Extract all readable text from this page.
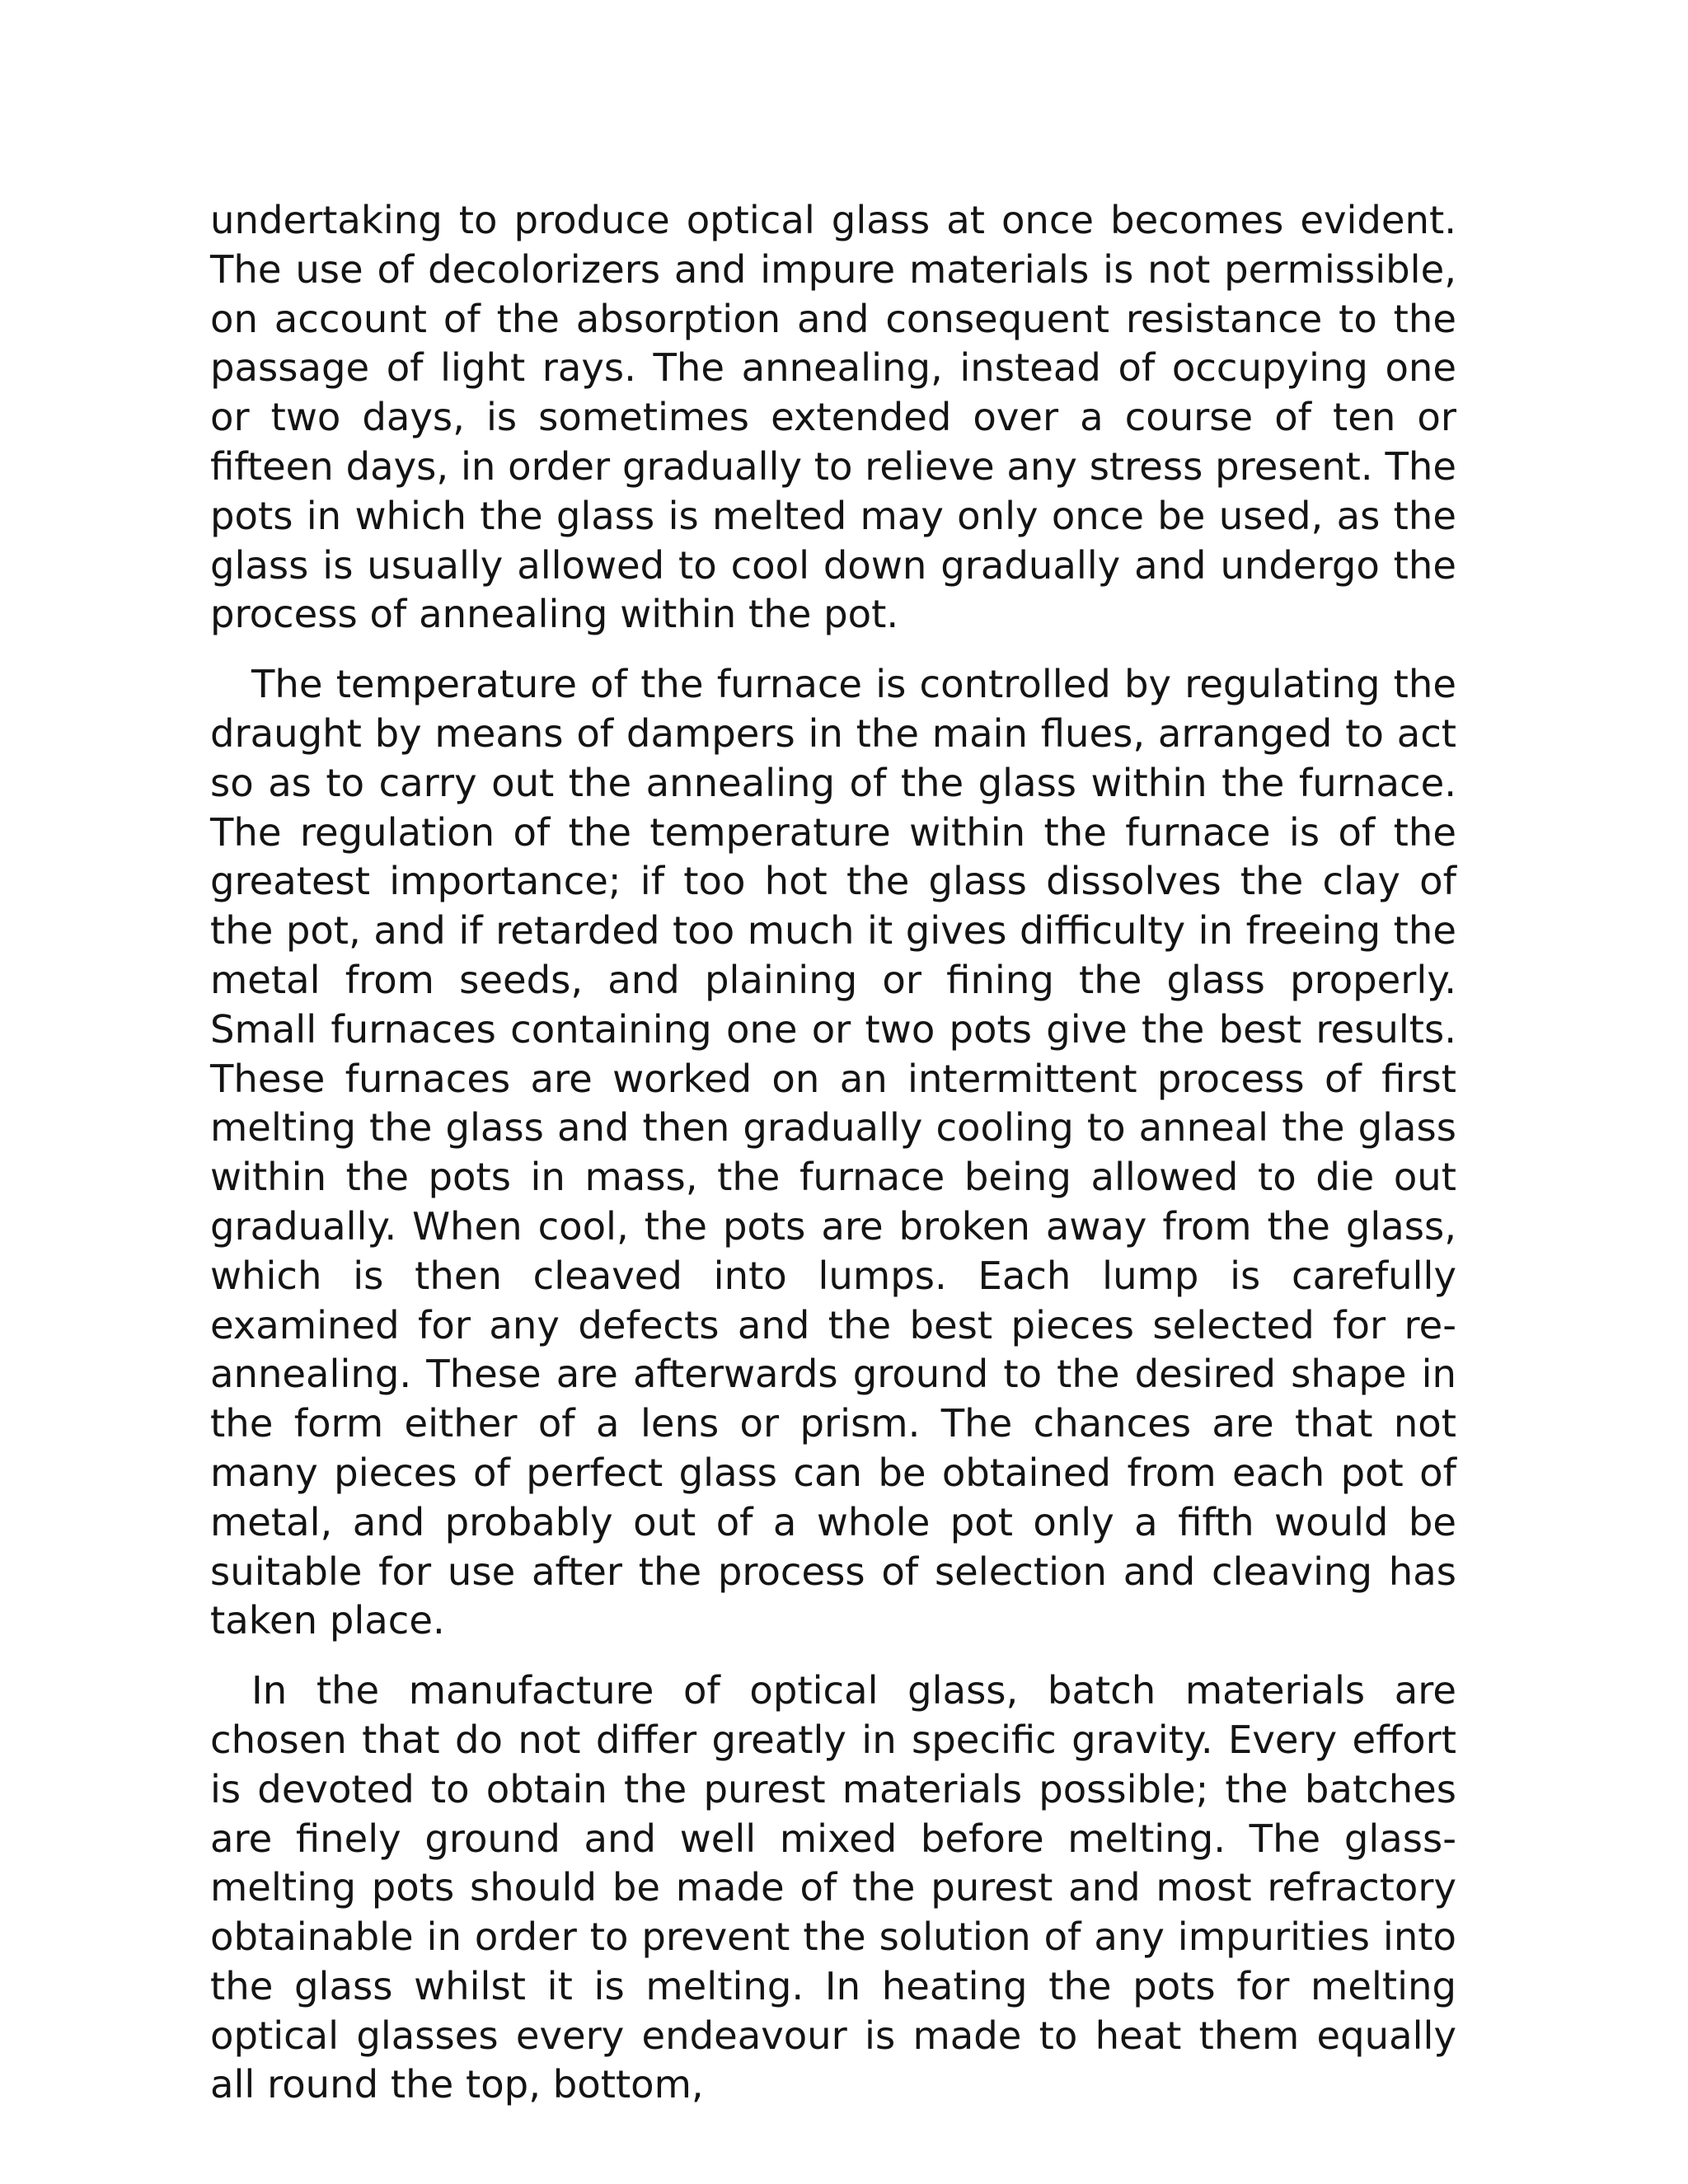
undertaking to produce optical glass at once becomes evident. The use of decolorizers and impure materials is not permissible, on account of the absorption and consequent resistance to the passage of light rays. The annealing, instead of occupying one or two days, is sometimes extended over a course of ten or fifteen days, in order gradually to relieve any stress present. The pots in which the glass is melted may only once be used, as the glass is usually allowed to cool down gradually and undergo the process of annealing within the pot.

The temperature of the furnace is controlled by regulating the draught by means of dampers in the main flues, arranged to act so as to carry out the annealing of the glass within the furnace. The regulation of the temperature within the furnace is of the greatest importance; if too hot the glass dissolves the clay of the pot, and if retarded too much it gives difficulty in freeing the metal from seeds, and plaining or fining the glass properly. Small furnaces containing one or two pots give the best results. These furnaces are worked on an intermittent process of first melting the glass and then gradually cooling to anneal the glass within the pots in mass, the furnace being allowed to die out gradually. When cool, the pots are broken away from the glass, which is then cleaved into lumps. Each lump is carefully examined for any defects and the best pieces selected for re-annealing. These are afterwards ground to the desired shape in the form either of a lens or prism. The chances are that not many pieces of perfect glass can be obtained from each pot of metal, and probably out of a whole pot only a fifth would be suitable for use after the process of selection and cleaving has taken place.

In the manufacture of optical glass, batch materials are chosen that do not differ greatly in specific gravity. Every effort is devoted to obtain the purest materials possible; the batches are finely ground and well mixed before melting. The glass-melting pots should be made of the purest and most refractory obtainable in order to prevent the solution of any impurities into the glass whilst it is melting. In heating the pots for melting optical glasses every endeavour is made to heat them equally all round the top, bottom,
